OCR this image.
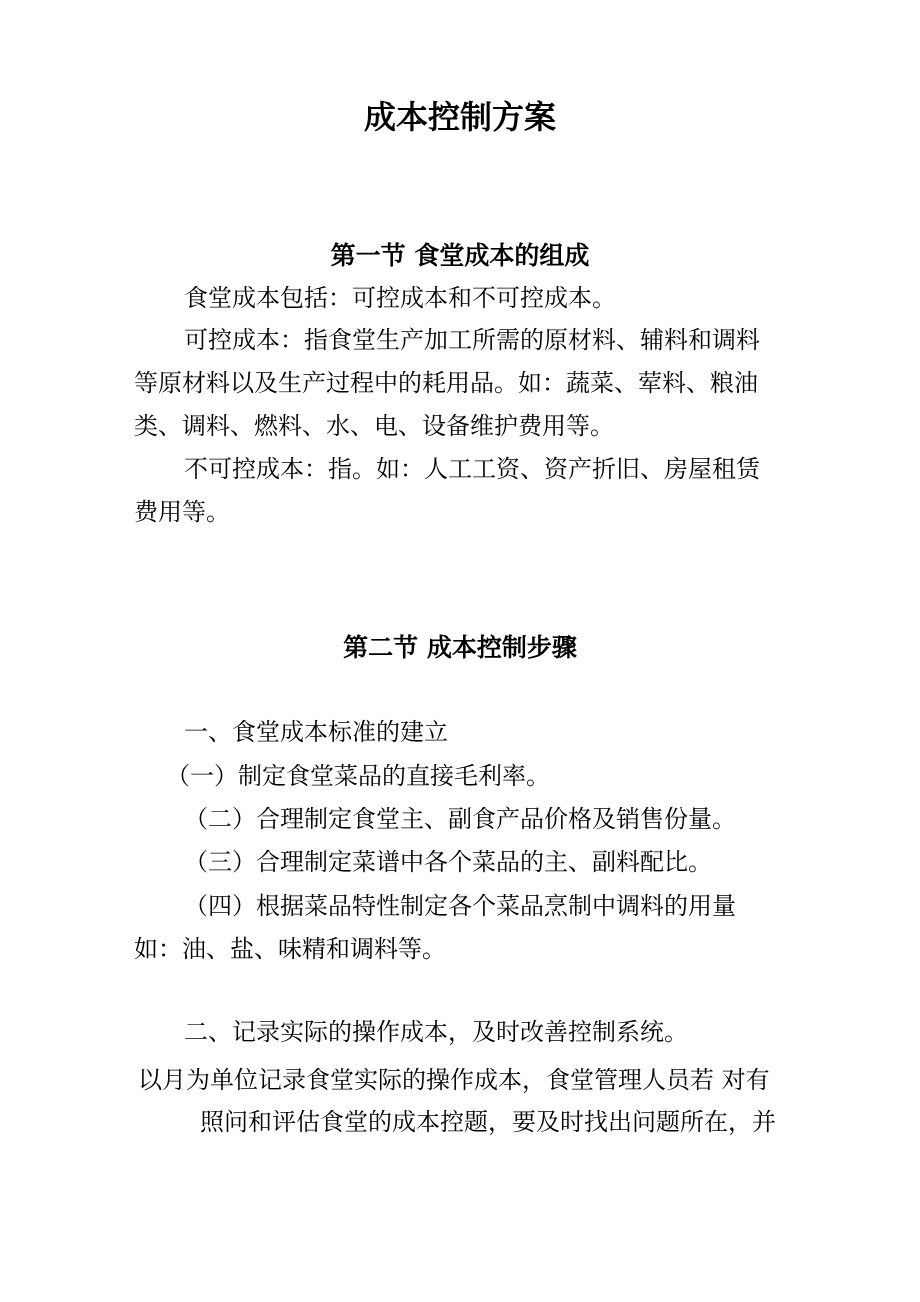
成本控制方案
第一节 食堂成本的组成
食堂成本包括：可控成本和不可控成本。
可控成本：指食堂生产加工所需的原材料、辅料和调料
等原材料以及生产过程中的耗用品。如：蔬菜、荤料、粮油
类、调料、燃料、水、电、设备维护费用等。
不可控成本：指。如：人工工资、资产折旧、房屋租赁
费用等。
第二节 成本控制步骤
一、食堂成本标准的建立
（一）制定食堂菜品的直接毛利率。
（二）合理制定食堂主、副食产品价格及销售份量。
（三）合理制定菜谱中各个菜品的主、副料配比。
（四）根据菜品特性制定各个菜品烹制中调料的用量
如：油、盐、味精和调料等。
二、记录实际的操作成本，及时改善控制系统。
以月为单位记录食堂实际的操作成本，食堂管理人员若 对有
照问和评估食堂的成本控题，要及时找出问题所在，并
